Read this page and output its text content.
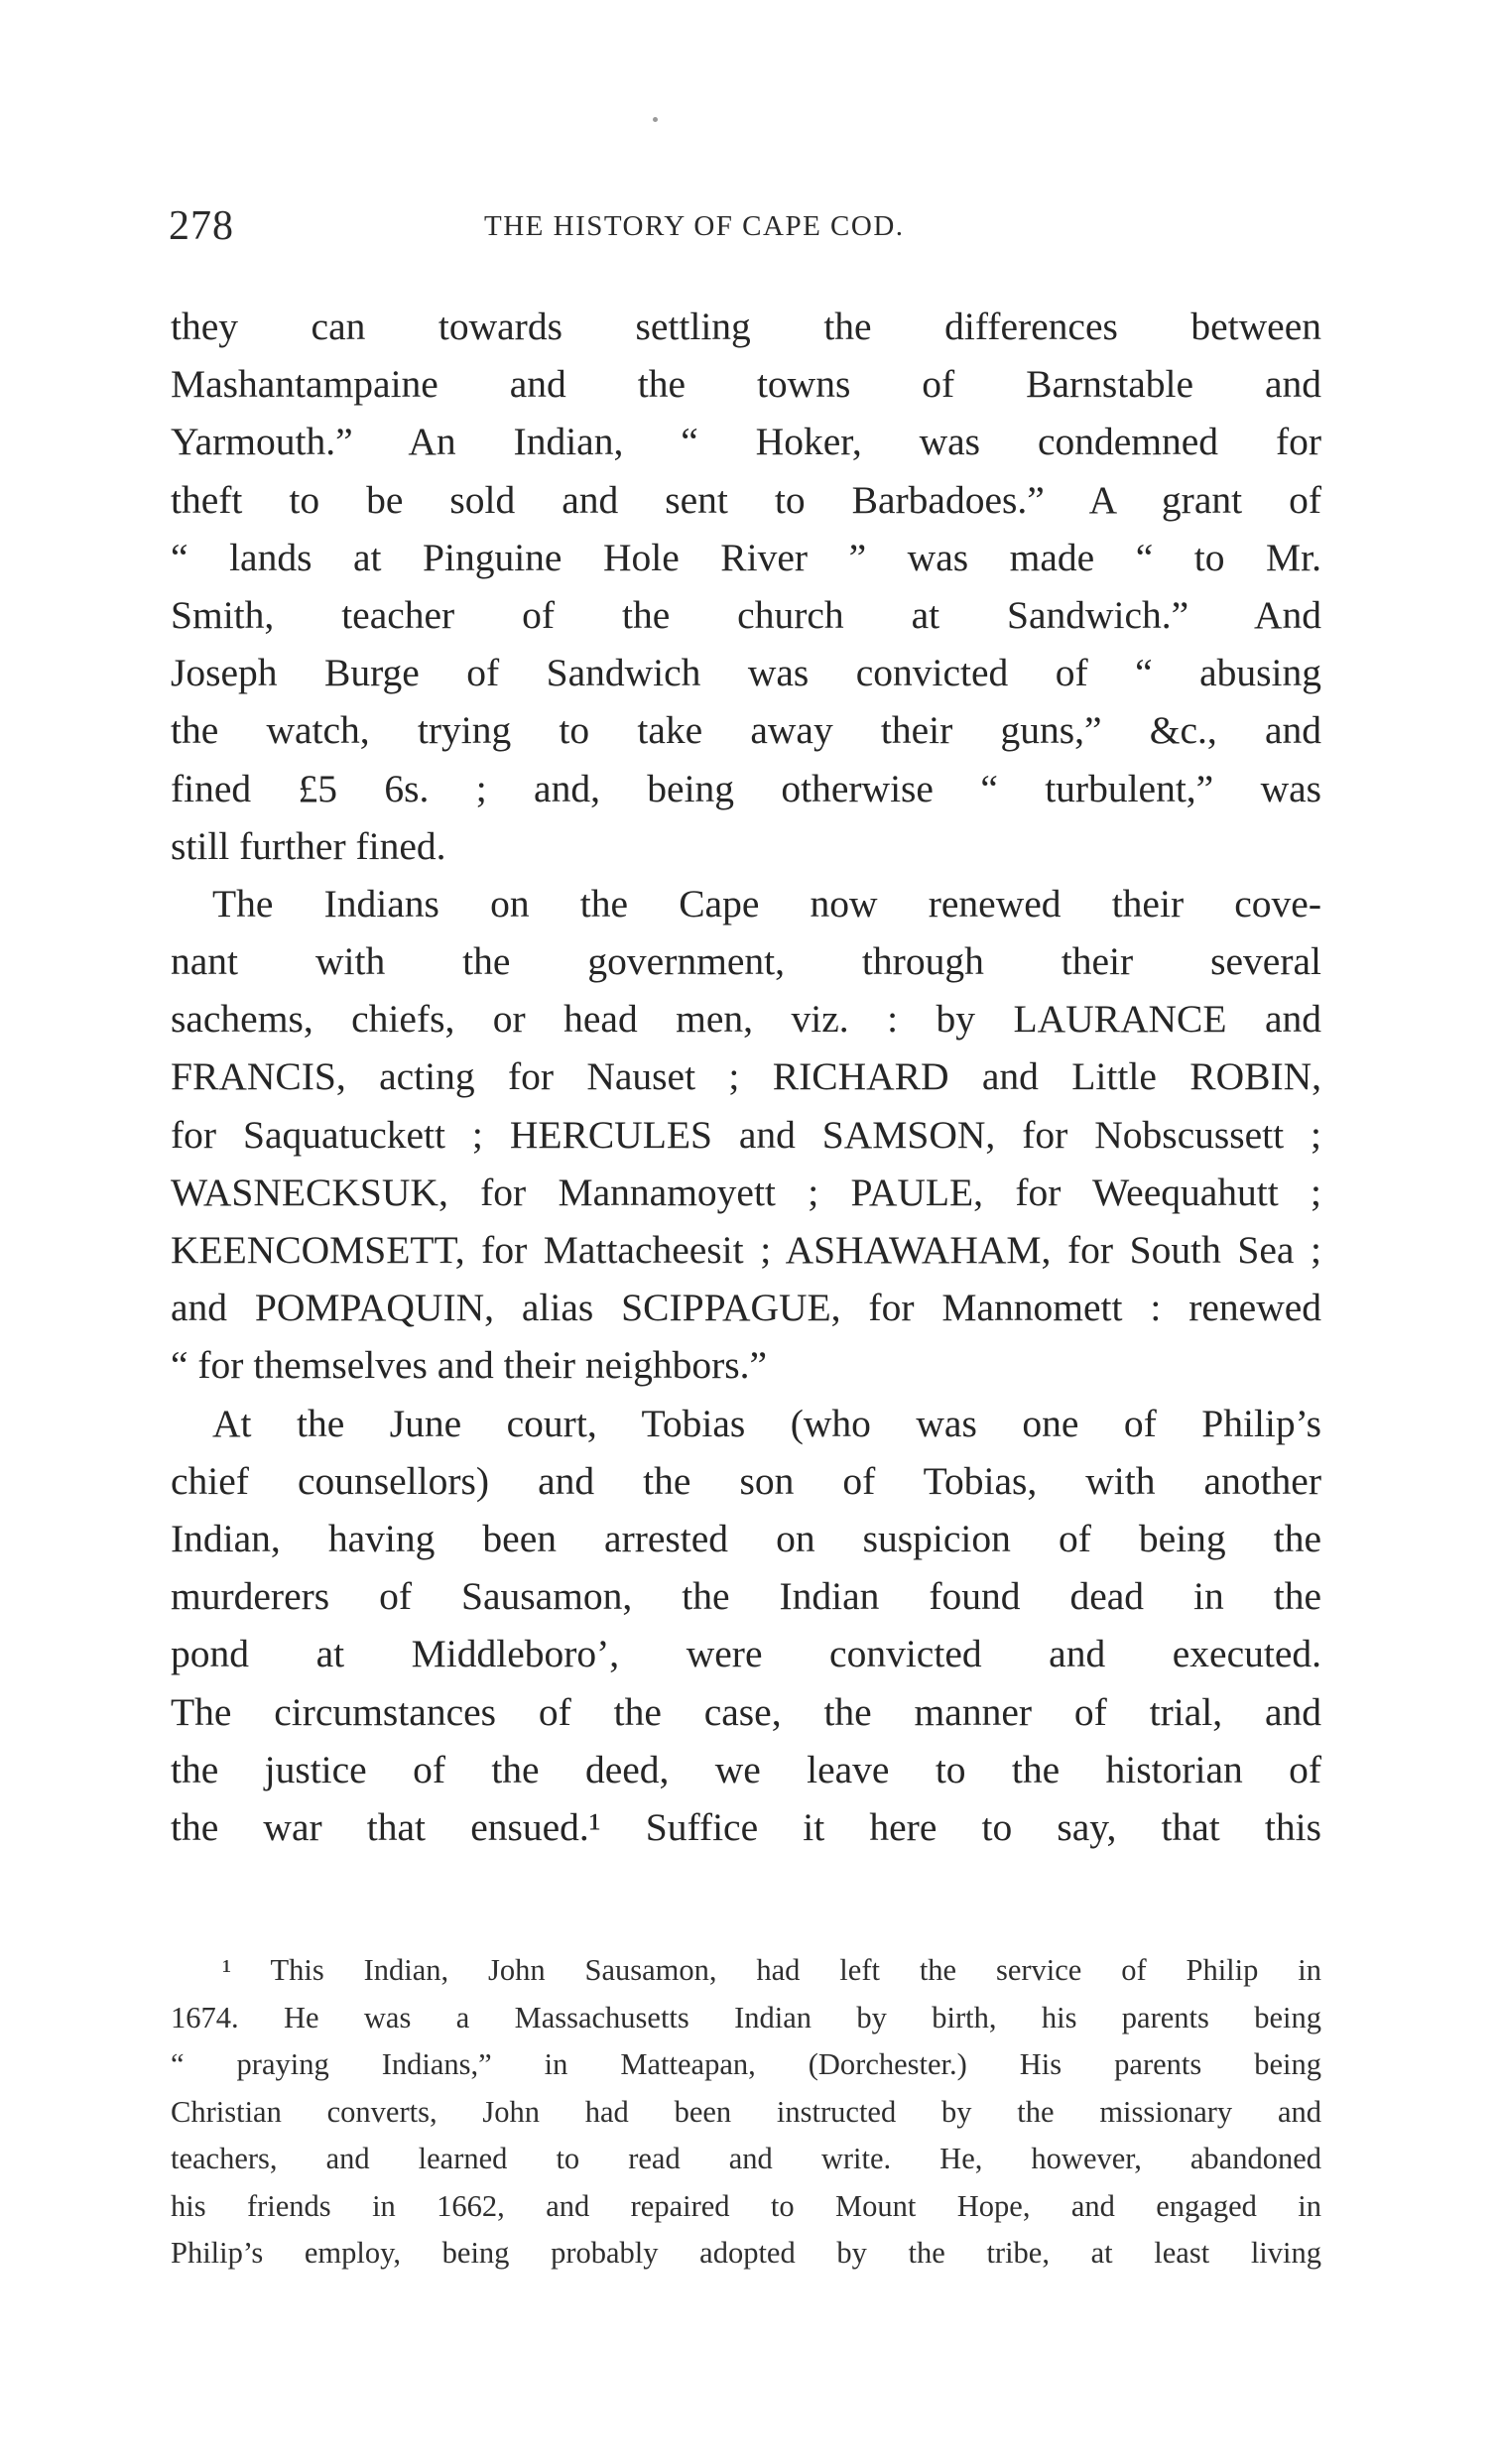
278	THE HISTORY OF CAPE COD.
they can towards settling the differences between
Mashantampaine and the towns of Barnstable and
Yarmouth.” An Indian, “ Hoker, was condemned for
theft to be sold and sent to Barbadoes.” A grant of
“ lands at Pinguine Hole River ” was made “ to Mr.
Smith, teacher of the church at Sandwich.” And
Joseph Burge of Sandwich was convicted of “ abusing
the watch, trying to take away their guns,” &c., and
fined £5 6s. ; and, being otherwise “ turbulent,” was
still further fined.
The Indians on the Cape now renewed their cove-
nant with the government, through their several
sachems, chiefs, or head men, viz. : by LAURANCE and
FRANCIS, acting for Nauset ; RICHARD and Little ROBIN,
for Saquatuckett ; HERCULES and SAMSON, for Nobscussett ;
WASNECKSUK, for Mannamoyett ; PAULE, for Weequahutt ;
KEENCOMSETT, for Mattacheesit ; ASHAWAHAM, for South Sea ;
and POMPAQUIN, alias SCIPPAGUE, for Mannomett : renewed
“ for themselves and their neighbors.”
At the June court, Tobias (who was one of Philip’s
chief counsellors) and the son of Tobias, with another
Indian, having been arrested on suspicion of being the
murderers of Sausamon, the Indian found dead in the
pond at Middleboro’, were convicted and executed.
The circumstances of the case, the manner of trial, and
the justice of the deed, we leave to the historian of
the war that ensued.¹ Suffice it here to say, that this
¹ This Indian, John Sausamon, had left the service of Philip in
1674. He was a Massachusetts Indian by birth, his parents being
“ praying Indians,” in Matteapan, (Dorchester.) His parents being
Christian converts, John had been instructed by the missionary and
teachers, and learned to read and write. He, however, abandoned
his friends in 1662, and repaired to Mount Hope, and engaged in
Philip’s employ, being probably adopted by the tribe, at least living
